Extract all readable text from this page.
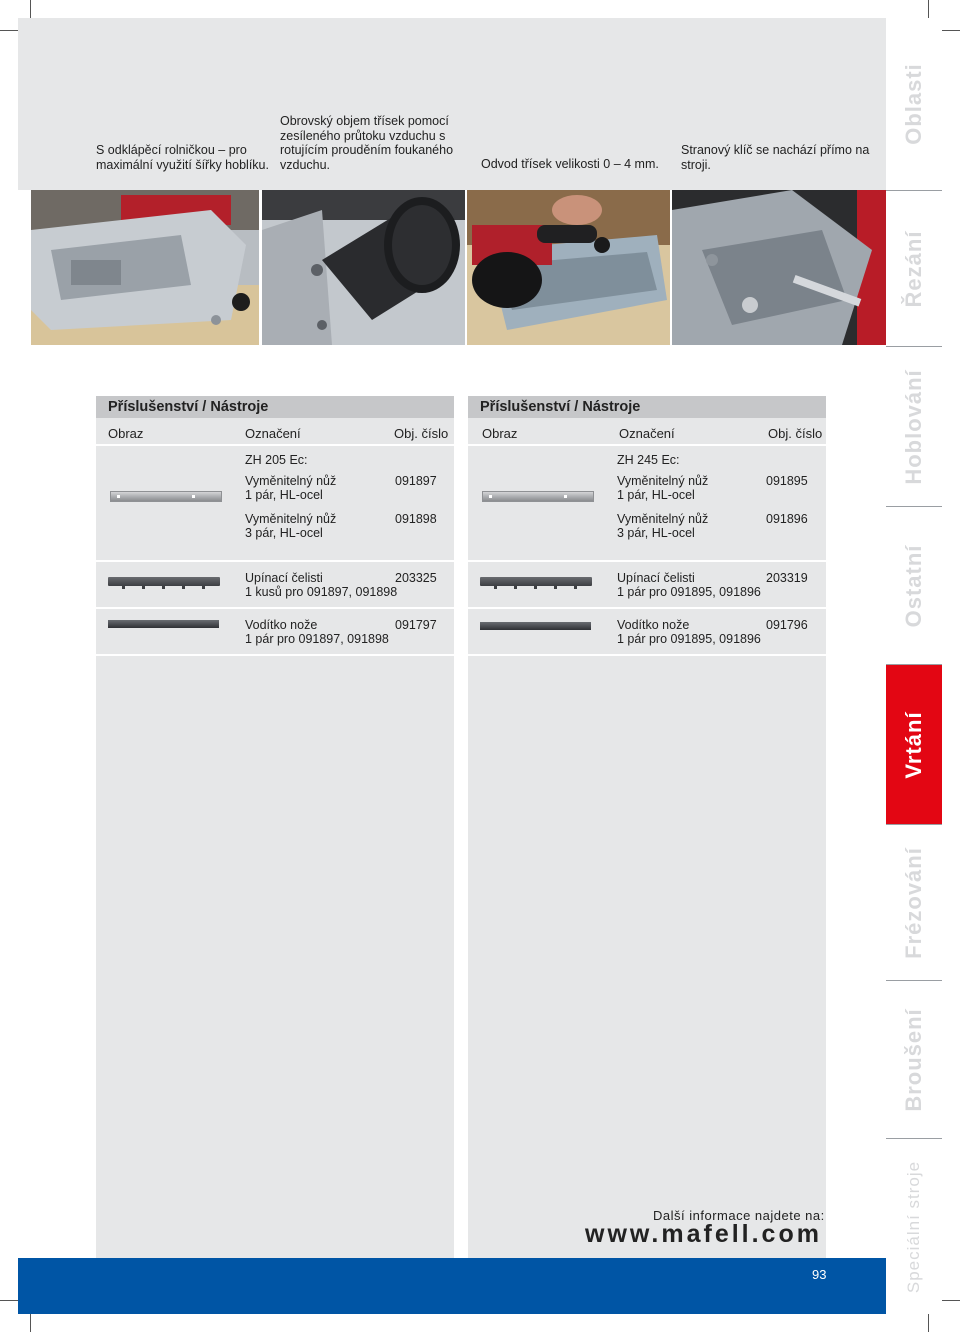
S odklápěcí rolničkou – pro maximální využití šířky hoblíku.
Obrovský objem třísek pomocí zesíleného průtoku vzduchu s rotujícím prouděním foukaného vzduchu.	Odvod třísek velikosti 0 – 4 mm.
Stranový klíč se nachází přímo na stroji.
Příslušenství / Nástroje
Obraz	Označení	Obj. číslo
ZH 205 Ec:
Vyměnitelný nůž	091897
1 pár, HL-ocel
Vyměnitelný nůž	091898
3 pár, HL-ocel
Upínací čelisti	203325
1 kusů pro 091897, 091898
Vodítko nože	091797
1 pár pro 091897, 091898
Příslušenství / Nástroje
Obraz	Označení	Obj. číslo
ZH 245 Ec:
Vyměnitelný nůž	091895
1 pár, HL-ocel
Vyměnitelný nůž	091896
3 pár, HL-ocel
Upínací čelisti	203319
1 pár pro 091895, 091896
Vodítko nože	091796
1 pár pro 091895, 091896
Další informace najdete na:
www.mafell.com
93
Oblasti
Řezání
Hoblování
Ostatní
Vrtání
Frézování
Broušení
Speciální stroje
